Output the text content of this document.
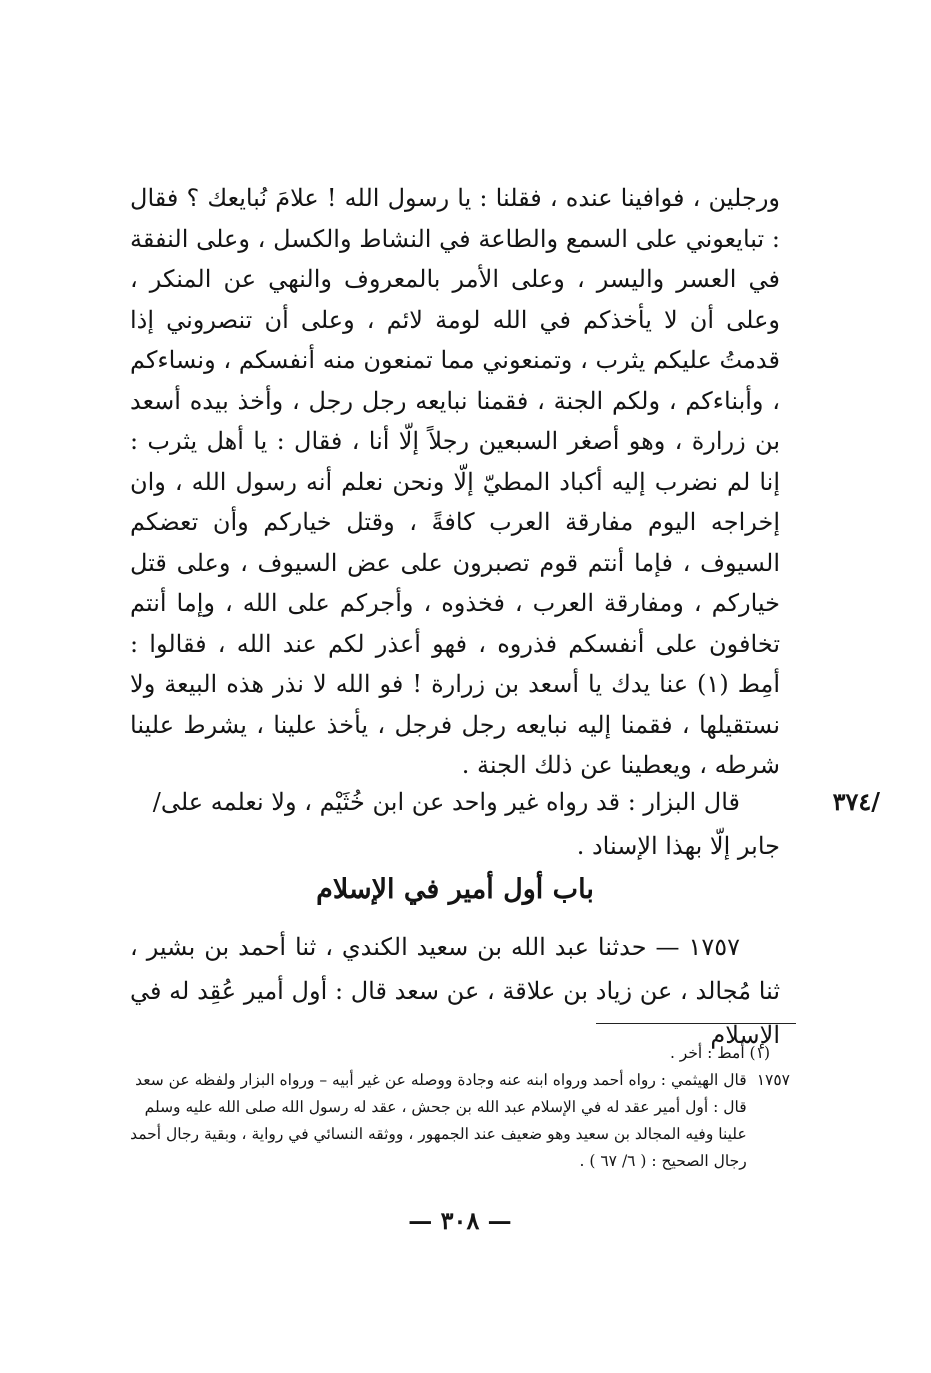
ورجلين ، فوافينا عنده ، فقلنا : يا رسول الله ! علامَ نُبايعك ؟ فقال : تبايعوني على السمع والطاعة في النشاط والكسل ، وعلى النفقة في العسر واليسر ، وعلى الأمر بالمعروف والنهي عن المنكر ، وعلى أن لا يأخذكم في الله لومة لائم ، وعلى أن تنصروني إذا قدمتُ عليكم يثرب ، وتمنعوني مما تمنعون منه أنفسكم ، ونساءكم ، وأبناءكم ، ولكم الجنة ، فقمنا نبايعه رجل رجل ، وأخذ بيده أسعد بن زرارة ، وهو أصغر السبعين رجلاً إلّا أنا ، فقال : يا أهل يثرب : إنا لم نضرب إليه أكباد المطيّ إلّا ونحن نعلم أنه رسول الله ، وان إخراجه اليوم مفارقة العرب كافةً ، وقتل خياركم وأن تعضكم السيوف ، فإما أنتم قوم تصبرون على عض السيوف ، وعلى قتل خياركم ، ومفارقة العرب ، فخذوه ، وأجركم على الله ، وإما أنتم تخافون على أنفسكم فذروه ، فهو أعذر لكم عند الله ، فقالوا : أمِط (١) عنا يدك يا أسعد بن زرارة ! فو الله لا نذر هذه البيعة ولا نستقيلها ، فقمنا إليه نبايعه رجل فرجل ، يأخذ علينا ، يشرط علينا شرطه ، ويعطينا عن ذلك الجنة .

/٣٧٤

قال البزار : قد رواه غير واحد عن ابن خُثَيْم ، ولا نعلمه على/ جابر إلّا بهذا الإسناد .

باب أول أمير في الإسلام

١٧٥٧ — حدثنا عبد الله بن سعيد الكندي ، ثنا أحمد بن بشير ، ثنا مُجالد ، عن زياد بن علاقة ، عن سعد قال : أول أمير عُقِد له في الإسلام

(١) أمط : أخر .

١٧٥٧
قال الهيثمي : رواه أحمد ورواه ابنه عنه وجادة ووصله عن غير أبيه – ورواه البزار ولفظه عن سعد قال : أول أمير عقد له في الإسلام عبد الله بن جحش ، عقد له رسول الله صلى الله عليه وسلم علينا وفيه المجالد بن سعيد وهو ضعيف عند الجمهور ، ووثقه النسائي في رواية ، وبقية رجال أحمد رجال الصحيح : ( ٦/ ٦٧ ) .
— ٣٠٨ —
